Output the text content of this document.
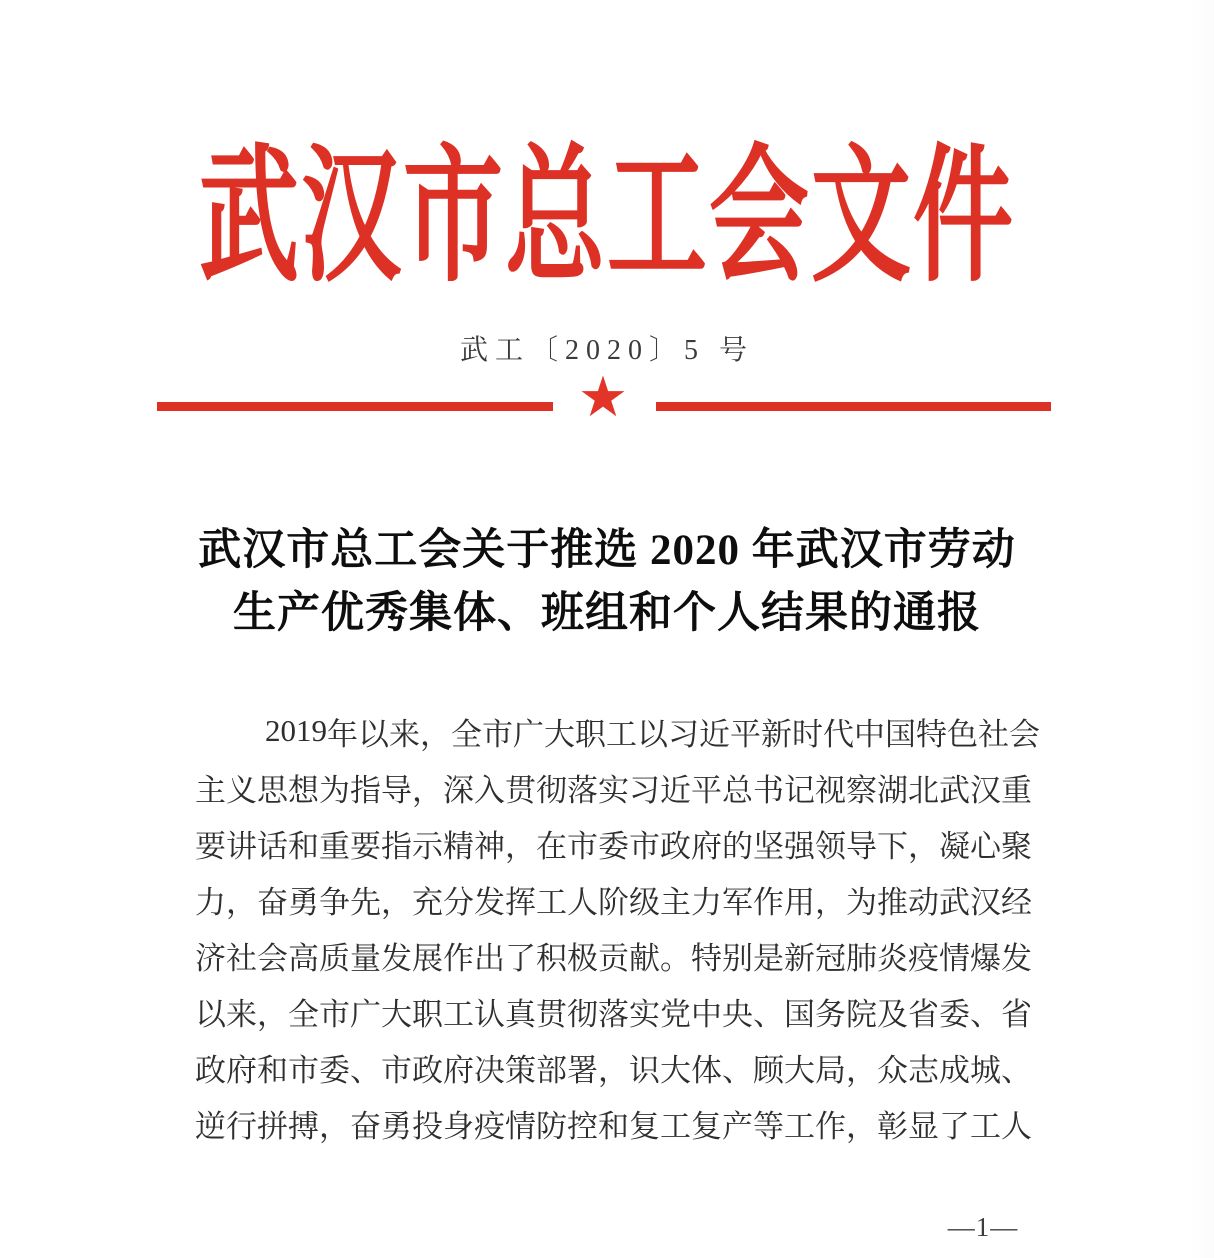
武汉市总工会文件
武工〔2020〕5 号
★
武汉市总工会关于推选 2020 年武汉市劳动
生产优秀集体、班组和个人结果的通报
2019 年 以 来 ， 全 市 广 大 职 工 以 习 近 平 新 时 代 中 国 特 色 社 会
主 义 思 想 为 指 导 ， 深 入 贯 彻 落 实 习 近 平 总 书 记 视 察 湖 北 武 汉 重
要 讲 话 和 重 要 指 示 精 神 ， 在 市 委 市 政 府 的 坚 强 领 导 下 ， 凝 心 聚
力 ， 奋 勇 争 先 ， 充 分 发 挥 工 人 阶 级 主 力 军 作 用 ， 为 推 动 武 汉 经
济 社 会 高 质 量 发 展 作 出 了 积 极 贡 献 。 特 别 是 新 冠 肺 炎 疫 情 爆 发
以 来 ， 全 市 广 大 职 工 认 真 贯 彻 落 实 党 中 央 、 国 务 院 及 省 委 、 省
政 府 和 市 委 、 市 政 府 决 策 部 署 ， 识 大 体 、 顾 大 局 ， 众 志 成 城 、
逆 行 拼 搏 ， 奋 勇 投 身 疫 情 防 控 和 复 工 复 产 等 工 作 ， 彰 显 了 工 人
—1—
